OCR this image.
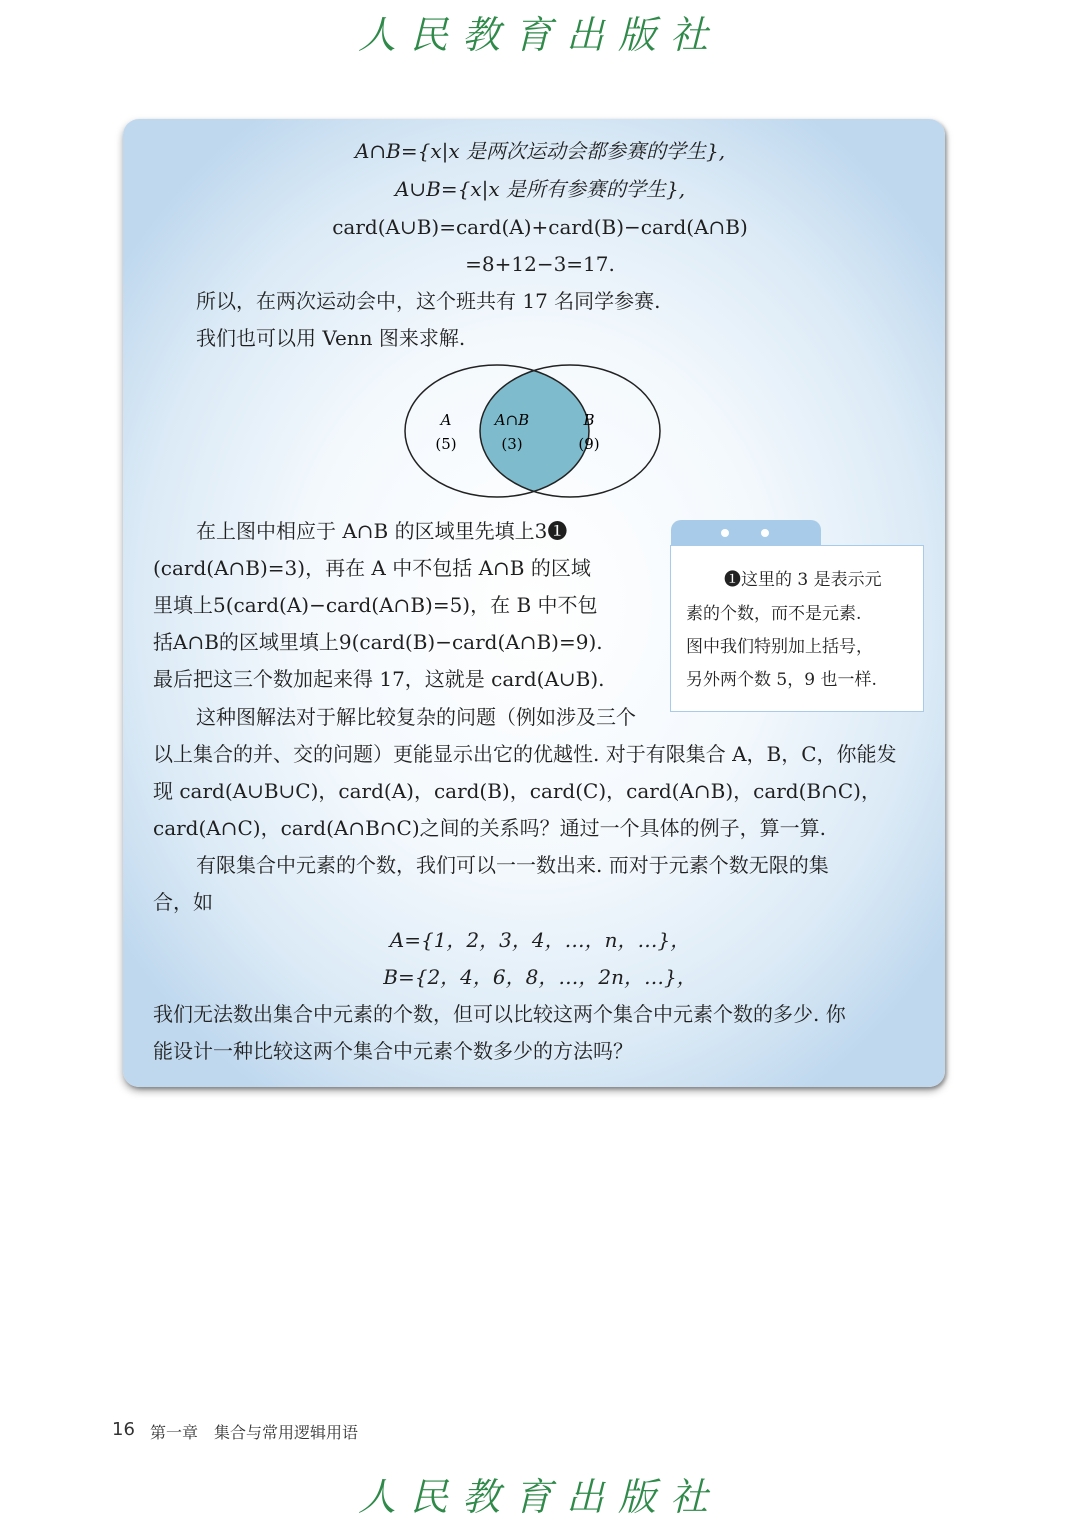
人民教育出版社
A∩B={x|x 是两次运动会都参赛的学生},
A∪B={x|x 是所有参赛的学生},
card(A∪B)=card(A)+card(B)−card(A∩B)
=8+12−3=17.
所以，在两次运动会中，这个班共有 17 名同学参赛.
我们也可以用 Venn 图来求解.
A
(5)
A∩B
(3)
B
(9)
在上图中相应于 A∩B 的区域里先填上3❶
(card(A∩B)=3)，再在 A 中不包括 A∩B 的区域
里填上5(card(A)−card(A∩B)=5)，在 B 中不包
括A∩B的区域里填上9(card(B)−card(A∩B)=9).
最后把这三个数加起来得 17，这就是 card(A∪B).
这种图解法对于解比较复杂的问题（例如涉及三个
以上集合的并、交的问题）更能显示出它的优越性. 对于有限集合 A，B，C，你能发
现 card(A∪B∪C)，card(A)，card(B)，card(C)，card(A∩B)，card(B∩C)，
card(A∩C)，card(A∩B∩C)之间的关系吗？通过一个具体的例子，算一算.
有限集合中元素的个数，我们可以一一数出来. 而对于元素个数无限的集
合，如
A={1，2，3，4，…，n，…}，
B={2，4，6，8，…，2n，…}，
我们无法数出集合中元素的个数，但可以比较这两个集合中元素个数的多少. 你
能设计一种比较这两个集合中元素个数多少的方法吗？
❶这里的 3 是表示元
素的个数，而不是元素.
图中我们特别加上括号，
另外两个数 5，9 也一样.
16 第一章　集合与常用逻辑用语
人民教育出版社
